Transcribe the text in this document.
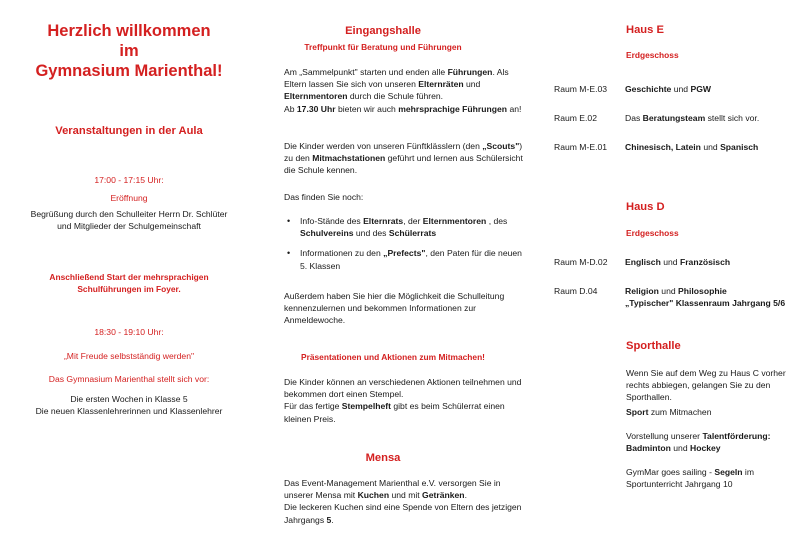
Herzlich willkommen
im
Gymnasium Marienthal!
Veranstaltungen in der Aula
17:00 - 17:15 Uhr:
Eröffnung
Begrüßung durch den Schulleiter Herrn Dr. Schlüter
und Mitglieder der Schulgemeinschaft
Anschließend Start der mehrsprachigen
Schulführungen im Foyer.
18:30 - 19:10 Uhr:
„Mit Freude selbstständig werden"
Das Gymnasium Marienthal stellt sich vor:
Die ersten Wochen in Klasse 5
Die neuen Klassenlehrerinnen und Klassenlehrer
Eingangshalle
Treffpunkt für Beratung und Führungen

Am „Sammelpunkt" starten und enden alle Führungen. Als Eltern lassen Sie sich von unseren Elternräten und Elternmentoren durch die Schule führen.
Ab 17.30 Uhr bieten wir auch mehrsprachige Führungen an!

Die Kinder werden von unseren Fünftklässlern (den „Scouts") zu den Mitmachstationen geführt und lernen aus Schülersicht die Schule kennen.

Das finden Sie noch:

• Info-Stände des Elternrats, der Elternmentoren , des Schulvereins und des Schülerrats
• Informationen zu den „Prefects", den Paten für die neuen 5. Klassen

Außerdem haben Sie hier die Möglichkeit die Schulleitung kennenzulernen und bekommen Informationen zur Anmeldewoche.

Präsentationen und Aktionen zum Mitmachen!

Die Kinder können an verschiedenen Aktionen teilnehmen und bekommen dort einen Stempel.
Für das fertige Stempelheft gibt es beim Schülerrat einen kleinen Preis.

Mensa

Das Event-Management Marienthal e.V. versorgen Sie in unserer Mensa mit Kuchen und mit Getränken.
Die leckeren Kuchen sind eine Spende von Eltern des jetzigen Jahrgangs 5.

Haus E
Erdgeschoss
Raum M-E.03 Geschichte und PGW
Raum E.02	Das Beratungsteam stellt sich vor.
Raum M-E.01 Chinesisch, Latein und Spanisch
Haus D
Erdgeschoss
Raum M-D.02 Englisch und Französisch
Raum D.04	Religion und Philosophie
„Typischer" Klassenraum Jahrgang 5/6
Sporthalle

Wenn Sie auf dem Weg zu Haus C vorher rechts abbiegen, gelangen Sie zu den Sporthallen.

Sport zum Mitmachen

Vorstellung unserer Talentförderung:
Badminton und Hockey

GymMar goes sailing - Segeln im Sportunterricht Jahrgang 10
